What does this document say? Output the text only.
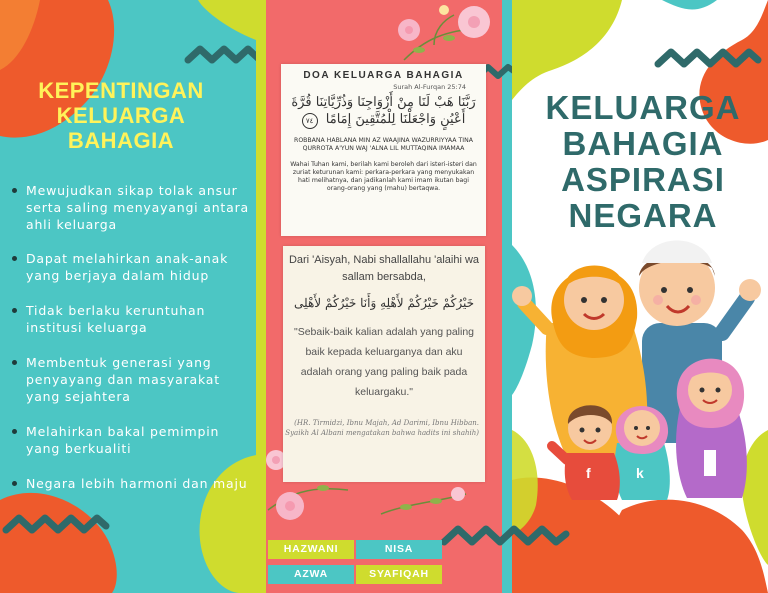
KEPENTINGAN
KELUARGA
BAHAGIA
Mewujudkan sikap tolak ansur serta saling menyayangi antara ahli keluarga
Dapat melahirkan anak-anak yang berjaya dalam hidup
Tidak berlaku keruntuhan institusi keluarga
Membentuk generasi yang penyayang dan masyarakat yang sejahtera
Melahirkan bakal pemimpin yang berkualiti
Negara lebih harmoni dan maju
DOA KELUARGA BAHAGIA
Surah Al-Furqan 25:74
رَبَّنَا هَبْ لَنَا مِنْ أَزْوَاجِنَا وَذُرِّيَّاتِنَا قُرَّةَ
أَعْيُنٍ وَاجْعَلْنَا لِلْمُتَّقِينَ إِمَامًا ٧٤
ROBBANA HABLANA MIN AZ WAAJINA WAZURRIYYAA TINA QURROTA A'YUN WAJ 'ALNA LIL MUTTAQINA IMAMAA
Wahai Tuhan kami, berilah kami beroleh dari isteri-isteri dan zuriat keturunan kami: perkara-perkara yang menyukakan hati melihatnya, dan jadikanlah kami imam ikutan bagi orang-orang yang (mahu) bertaqwa.
Dari 'Aisyah, Nabi shallallahu 'alaihi wa sallam bersabda,
خَيْرُكُمْ خَيْرُكُمْ لأَهْلِهِ وَأَنَا خَيْرُكُمْ لأَهْلِى
"Sebaik-baik kalian adalah yang paling baik kepada keluarganya dan aku adalah orang yang paling baik pada keluargaku."
(HR. Tirmidzi, Ibnu Majah, Ad Darimi, Ibnu Hibban. Syaikh Al Albani mengatakan bahwa hadits ini shahih)
HAZWANI	NISA
AZWA	SYAFIQAH
KELUARGA
BAHAGIA
ASPIRASI
NEGARA
k
f
